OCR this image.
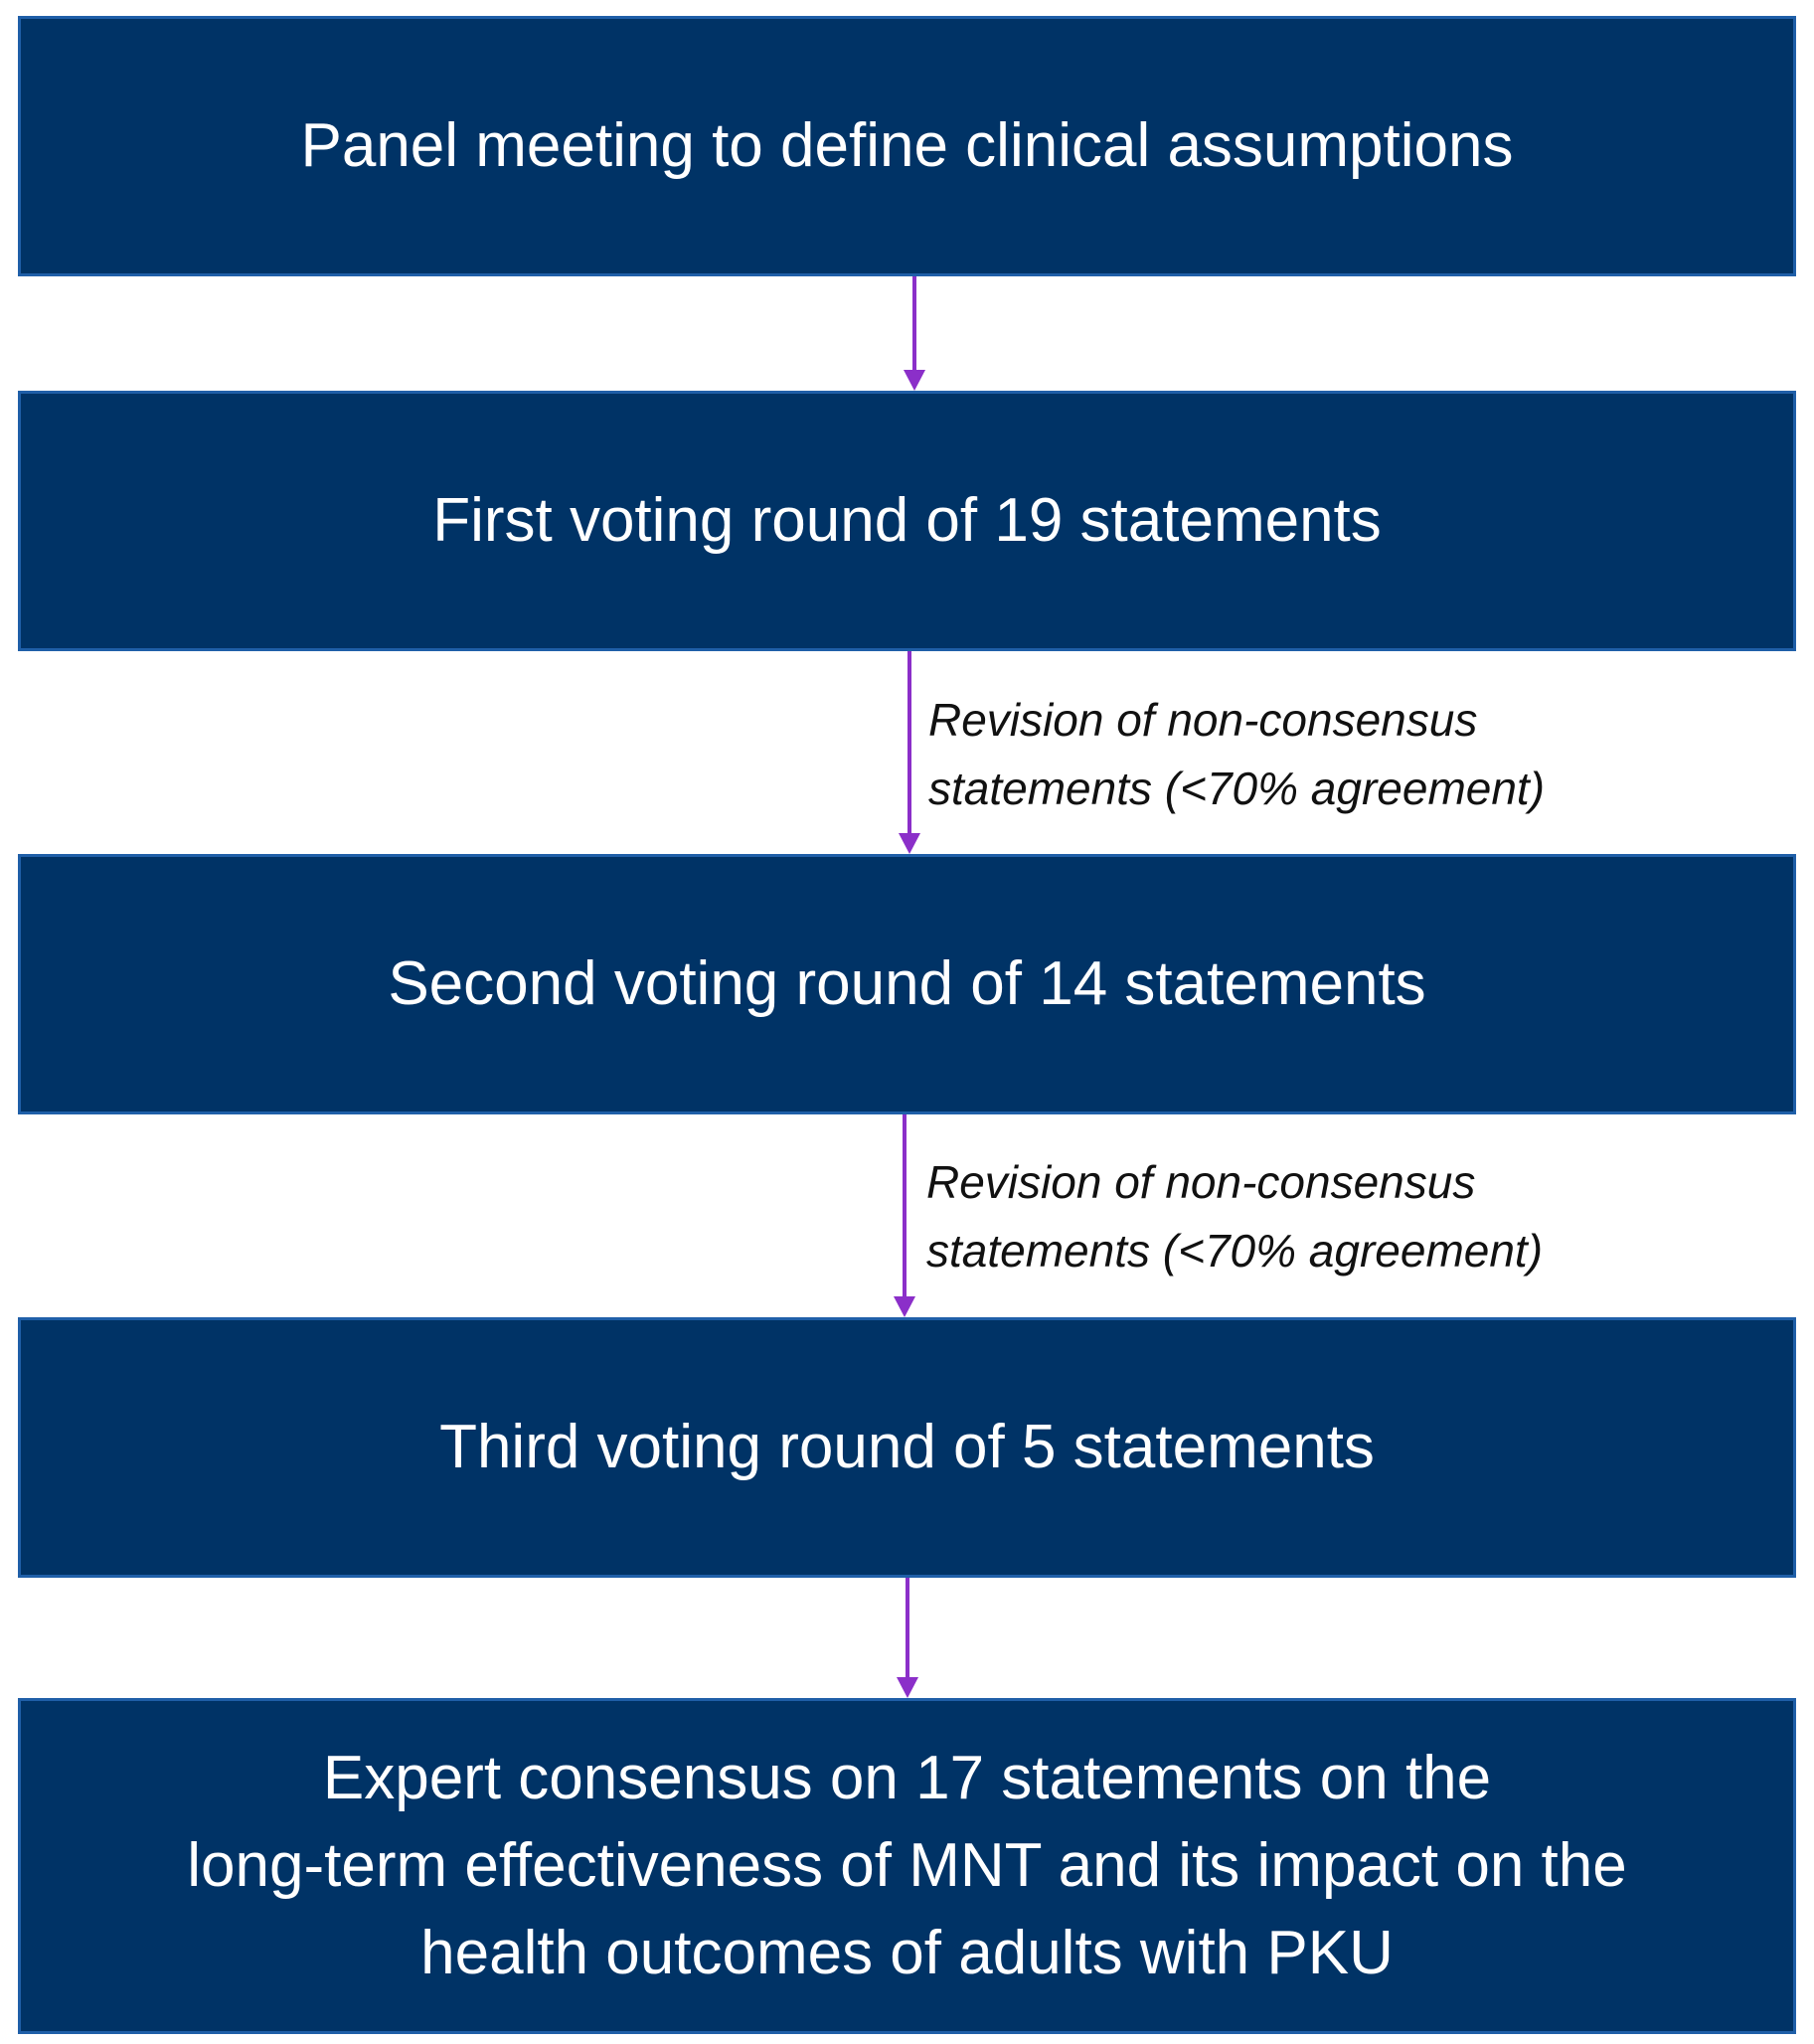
Panel meeting to define clinical assumptions
First voting round of 19 statements
Revision of non-consensus
statements (<70% agreement)
Second voting round of 14 statements
Revision of non-consensus
statements (<70% agreement)
Third voting round of 5 statements
Expert consensus on 17 statements on the
long-term effectiveness of MNT and its impact on the
health outcomes of adults with PKU
